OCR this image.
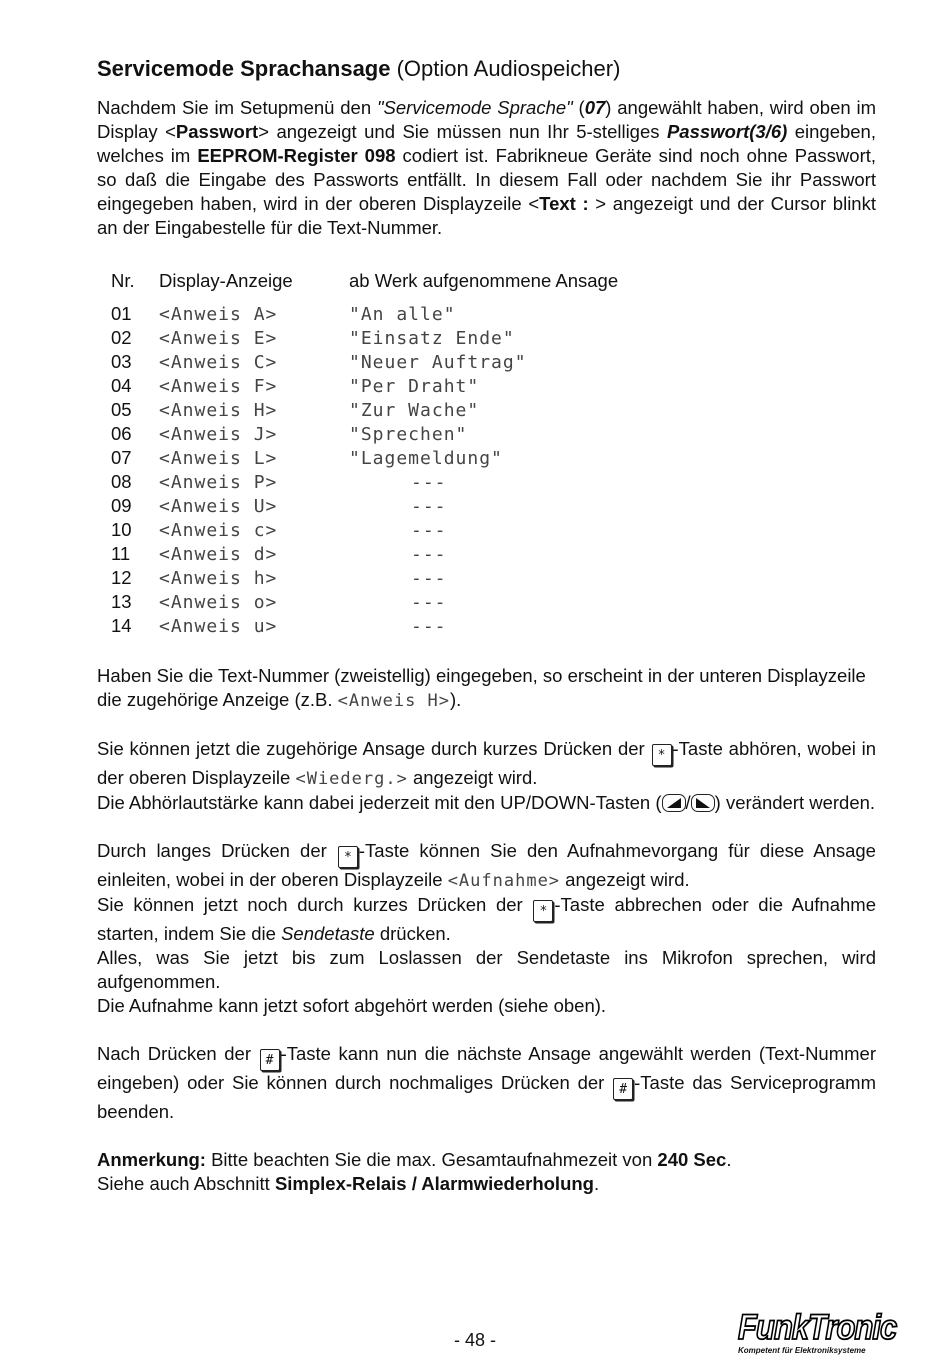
Servicemode Sprachansage (Option Audiospeicher)

Nachdem Sie im Setupmenü den "Servicemode Sprache" (07) angewählt haben, wird oben im Display <Passwort> angezeigt und Sie müssen nun Ihr 5-stelliges Passwort(3/6) eingeben, welches im EEPROM-Register 098 codiert ist. Fabrikneue Geräte sind noch ohne Passwort, so daß die Eingabe des Passworts entfällt. In diesem Fall oder nachdem Sie ihr Passwort eingegeben haben, wird in der oberen Displayzeile <Text : > angezeigt und der Cursor blinkt an der Eingabestelle für die Text-Nummer.

Nr.	Display-Anzeige	ab Werk aufgenommene Ansage
01	<Anweis A>	"An alle"
02	<Anweis E>	"Einsatz Ende"
03	<Anweis C>	"Neuer Auftrag"
04	<Anweis F>	"Per Draht"
05	<Anweis H>	"Zur Wache"
06	<Anweis J>	"Sprechen"
07	<Anweis L>	"Lagemeldung"
08	<Anweis P>	---
09	<Anweis U>	---
10	<Anweis c>	---
11	<Anweis d>	---
12	<Anweis h>	---
13	<Anweis o>	---
14	<Anweis u>	---

Haben Sie die Text-Nummer (zweistellig) eingegeben, so erscheint in der unteren Displayzeile die zugehörige Anzeige (z.B. <Anweis H>).

Sie können jetzt die zugehörige Ansage durch kurzes Drücken der * -Taste abhören, wobei in der oberen Displayzeile <Wiederg.> angezeigt wird.

Die Abhörlautstärke kann dabei jederzeit mit den UP/DOWN-Tasten ( / ) verändert werden.

Durch langes Drücken der * -Taste können Sie den Aufnahmevorgang für diese Ansage einleiten, wobei in der oberen Displayzeile <Aufnahme> angezeigt wird.
Sie können jetzt noch durch kurzes Drücken der * -Taste abbrechen oder die Aufnahme starten, indem Sie die Sendetaste drücken.
Alles, was Sie jetzt bis zum Loslassen der Sendetaste ins Mikrofon sprechen, wird aufgenommen.
Die Aufnahme kann jetzt sofort abgehört werden (siehe oben).

Nach Drücken der # -Taste kann nun die nächste Ansage angewählt werden (Text-Nummer eingeben) oder Sie können durch nochmaliges Drücken der # -Taste das Serviceprogramm beenden.

Anmerkung: Bitte beachten Sie die max. Gesamtaufnahmezeit von 240 Sec.
Siehe auch Abschnitt Simplex-Relais / Alarmwiederholung.

- 48 -	FunkTronic
Kompetent für Elektroniksysteme
